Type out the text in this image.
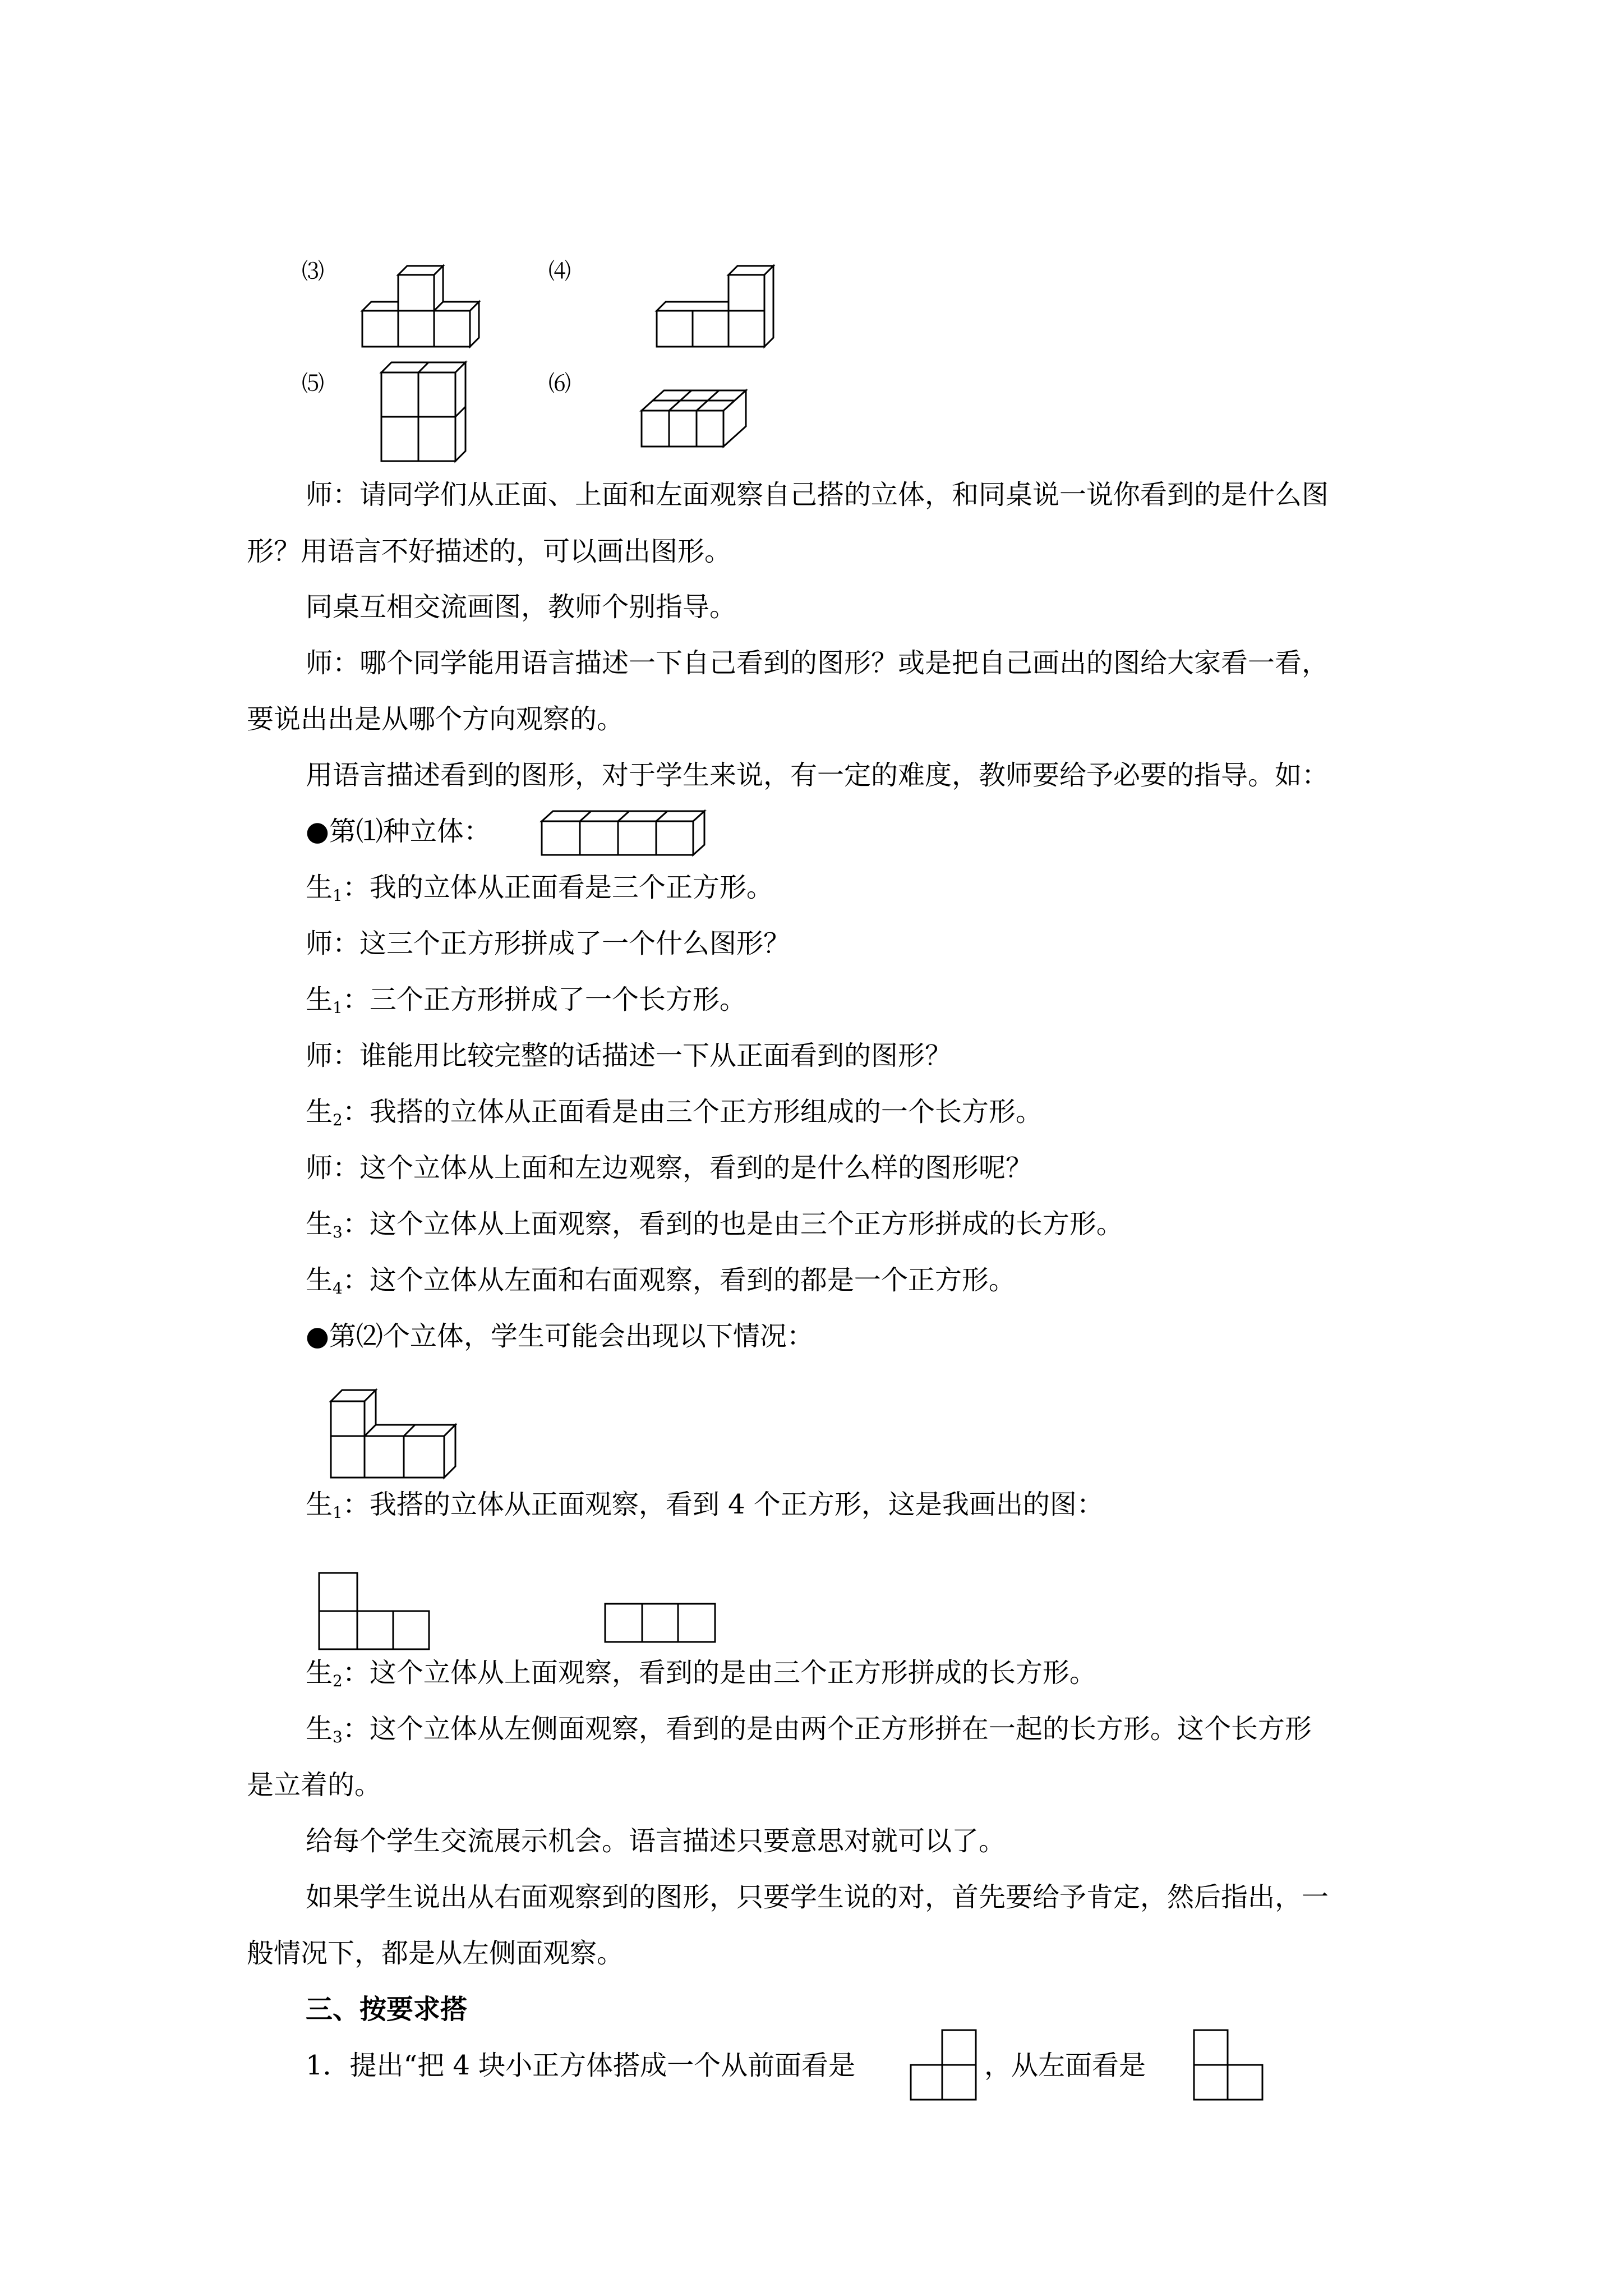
⑶	⑷
⑸	⑹
师：请同学们从正面、上面和左面观察自己搭的立体，和同桌说一说你看到的是什么图
形？用语言不好描述的，可以画出图形。
同桌互相交流画图，教师个别指导。
师：哪个同学能用语言描述一下自己看到的图形？或是把自己画出的图给大家看一看，
要说出出是从哪个方向观察的。
用语言描述看到的图形，对于学生来说，有一定的难度，教师要给予必要的指导。如：
●第⑴种立体：
生$_1$：我的立体从正面看是三个正方形。
师：这三个正方形拼成了一个什么图形？
生$_1$：三个正方形拼成了一个长方形。
师：谁能用比较完整的话描述一下从正面看到的图形？
生$_2$：我搭的立体从正面看是由三个正方形组成的一个长方形。
师：这个立体从上面和左边观察，看到的是什么样的图形呢？
生$_3$：这个立体从上面观察，看到的也是由三个正方形拼成的长方形。
生$_4$：这个立体从左面和右面观察，看到的都是一个正方形。
●第⑵个立体，学生可能会出现以下情况：
生$_1$：我搭的立体从正面观察，看到 4 个正方形，这是我画出的图：
生$_2$：这个立体从上面观察，看到的是由三个正方形拼成的长方形。
生$_3$：这个立体从左侧面观察，看到的是由两个正方形拼在一起的长方形。这个长方形
是立着的。
给每个学生交流展示机会。语言描述只要意思对就可以了。
如果学生说出从右面观察到的图形，只要学生说的对，首先要给予肯定，然后指出，一
般情况下，都是从左侧面观察。
三、按要求搭
1．提出“把 4 块小正方体搭成一个从前面看是	，从左面看是
